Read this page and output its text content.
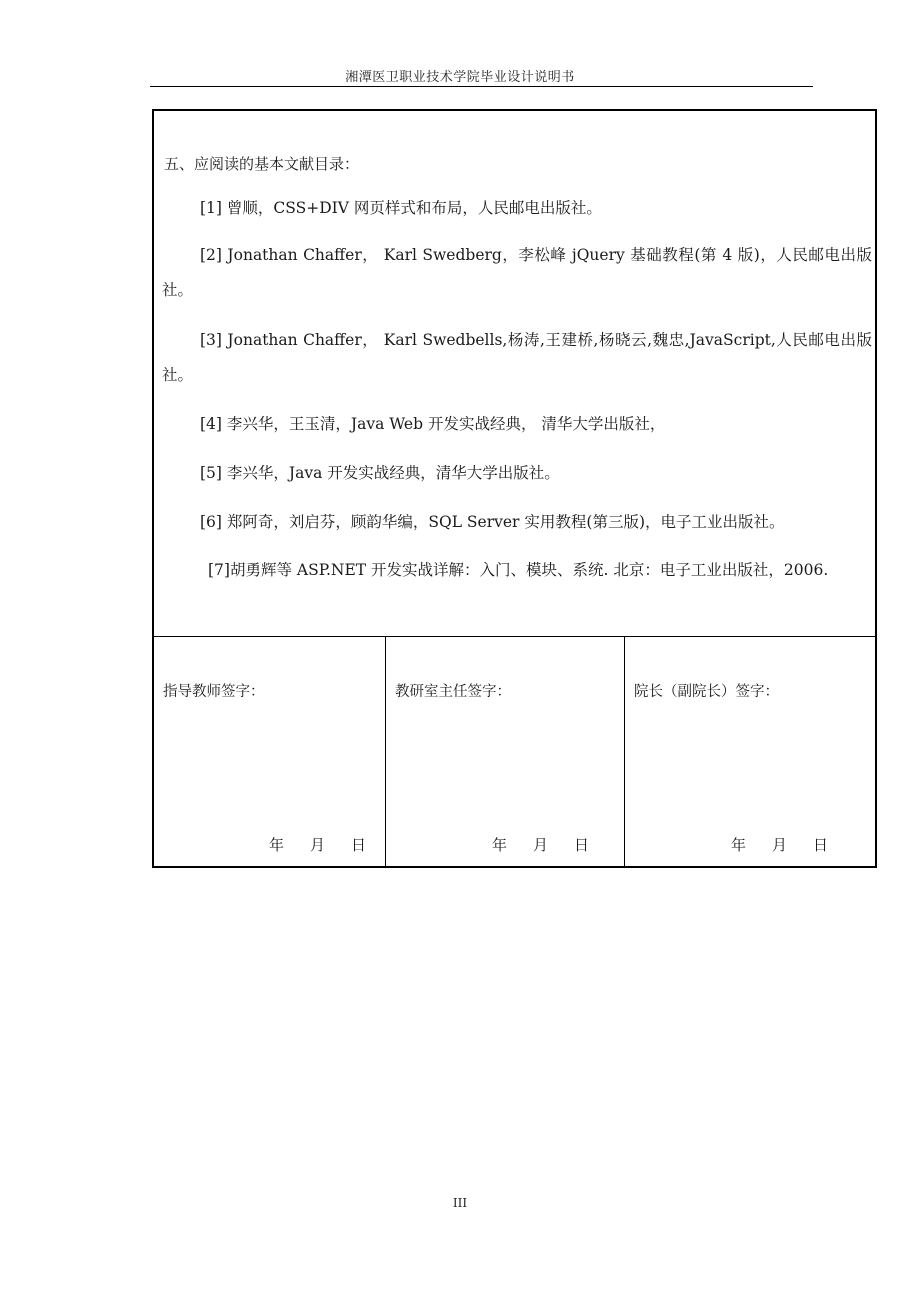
湘潭医卫职业技术学院毕业设计说明书
五、应阅读的基本文献目录：
[1] 曾顺，CSS+DIV 网页样式和布局，人民邮电出版社。
[2] Jonathan Chaffer， Karl Swedberg，李松峰 jQuery 基础教程(第 4 版)，人民邮电出版社。
[3] Jonathan Chaffer， Karl Swedbells,杨涛,王建桥,杨晓云,魏忠,JavaScript,人民邮电出版社。
[4] 李兴华，王玉清，Java Web 开发实战经典， 清华大学出版社，
[5] 李兴华，Java 开发实战经典，清华大学出版社。
[6] 郑阿奇，刘启芬，顾韵华编，SQL Server 实用教程(第三版)，电子工业出版社。
[7]胡勇辉等 ASP.NET 开发实战详解：入门、模块、系统. 北京：电子工业出版社，2006.
指导教师签字：
年 月 日
教研室主任签字：
年 月 日
院长（副院长）签字：
年 月 日
III
